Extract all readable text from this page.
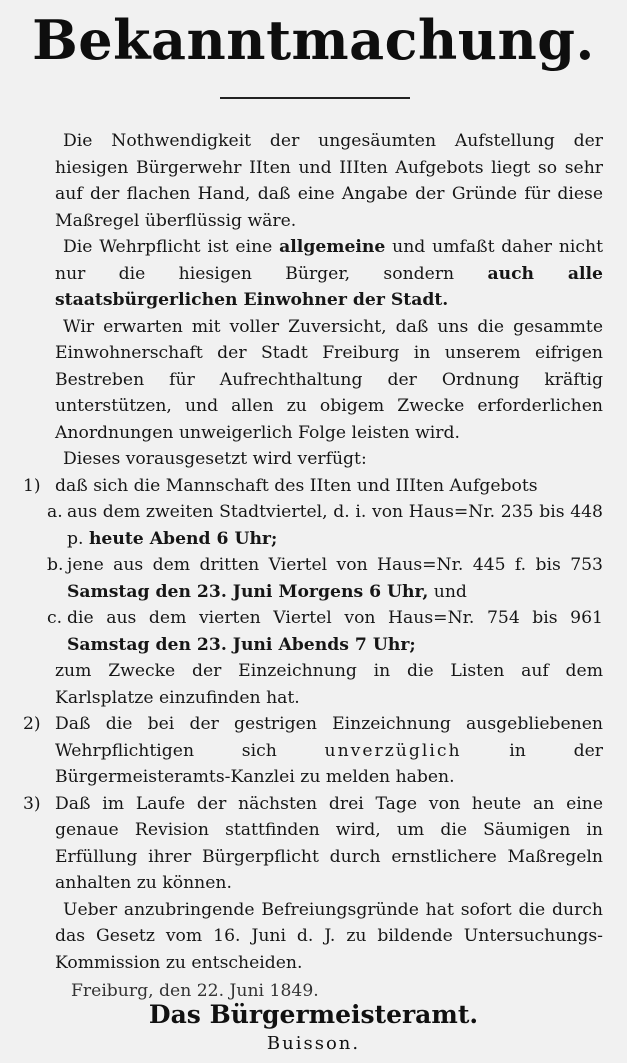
Bekanntmachung.

Die Nothwendigkeit der ungesäumten Aufstellung der hiesigen Bürgerwehr IIten und IIIten Aufgebots liegt so sehr auf der flachen Hand, daß eine Angabe der Gründe für diese Maßregel überflüssig wäre.

Die Wehrpflicht ist eine allgemeine und umfaßt daher nicht nur die hiesigen Bürger, sondern auch alle staatsbürgerlichen Einwohner der Stadt.

Wir erwarten mit voller Zuversicht, daß uns die gesammte Einwohnerschaft der Stadt Freiburg in unserem eifrigen Bestreben für Aufrechthaltung der Ordnung kräftig unterstützen, und allen zu obigem Zwecke erforderlichen Anordnungen unweigerlich Folge leisten wird.

Dieses vorausgesetzt wird verfügt:

1) daß sich die Mannschaft des IIten und IIIten Aufgebots
a. aus dem zweiten Stadtviertel, d. i. von Haus=Nr. 235 bis 448 p. heute Abend 6 Uhr;
b. jene aus dem dritten Viertel von Haus=Nr. 445 f. bis 753 Samstag den 23. Juni Morgens 6 Uhr, und
c. die aus dem vierten Viertel von Haus=Nr. 754 bis 961 Samstag den 23. Juni Abends 7 Uhr;
zum Zwecke der Einzeichnung in die Listen auf dem Karlsplatze einzufinden hat.
2) Daß die bei der gestrigen Einzeichnung ausgebliebenen Wehrpflichtigen sich unverzüglich in der Bürgermeisteramts-Kanzlei zu melden haben.
3) Daß im Laufe der nächsten drei Tage von heute an eine genaue Revision stattfinden wird, um die Säumigen in Erfüllung ihrer Bürgerpflicht durch ernstlichere Maßregeln anhalten zu können.

Ueber anzubringende Befreiungsgründe hat sofort die durch das Gesetz vom 16. Juni d. J. zu bildende Untersuchungs-Kommission zu entscheiden.

Freiburg, den 22. Juni 1849.
Das Bürgermeisteramt.
Buisson.
